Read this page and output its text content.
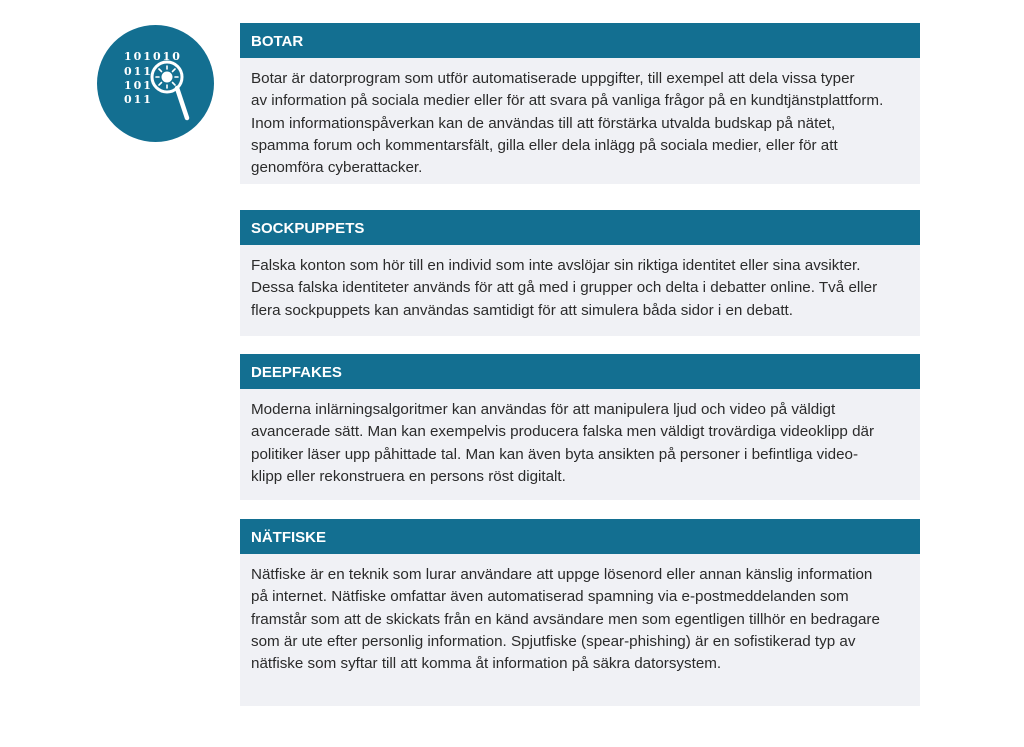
101010
011
101
011
BOTAR
Botar är datorprogram som utför automatiserade uppgifter, till exempel att dela vissa typer
av information på sociala medier eller för att svara på vanliga frågor på en kundtjänstplattform.
Inom informationspåverkan kan de användas till att förstärka utvalda budskap på nätet,
spamma forum och kommentarsfält, gilla eller dela inlägg på sociala medier, eller för att
genomföra cyberattacker.
SOCKPUPPETS
Falska konton som hör till en individ som inte avslöjar sin riktiga identitet eller sina avsikter.
Dessa falska identiteter används för att gå med i grupper och delta i debatter online. Två eller
flera sockpuppets kan användas samtidigt för att simulera båda sidor i en debatt.
DEEPFAKES
Moderna inlärningsalgoritmer kan användas för att manipulera ljud och video på väldigt
avancerade sätt. Man kan exempelvis producera falska men väldigt trovärdiga videoklipp där
politiker läser upp påhittade tal. Man kan även byta ansikten på personer i befintliga video-
klipp eller rekonstruera en persons röst digitalt.
NÄTFISKE
Nätfiske är en teknik som lurar användare att uppge lösenord eller annan känslig information
på internet. Nätfiske omfattar även automatiserad spamning via e-postmeddelanden som
framstår som att de skickats från en känd avsändare men som egentligen tillhör en bedragare
som är ute efter personlig information. Spjutfiske (spear-phishing) är en sofistikerad typ av
nätfiske som syftar till att komma åt information på säkra datorsystem.
